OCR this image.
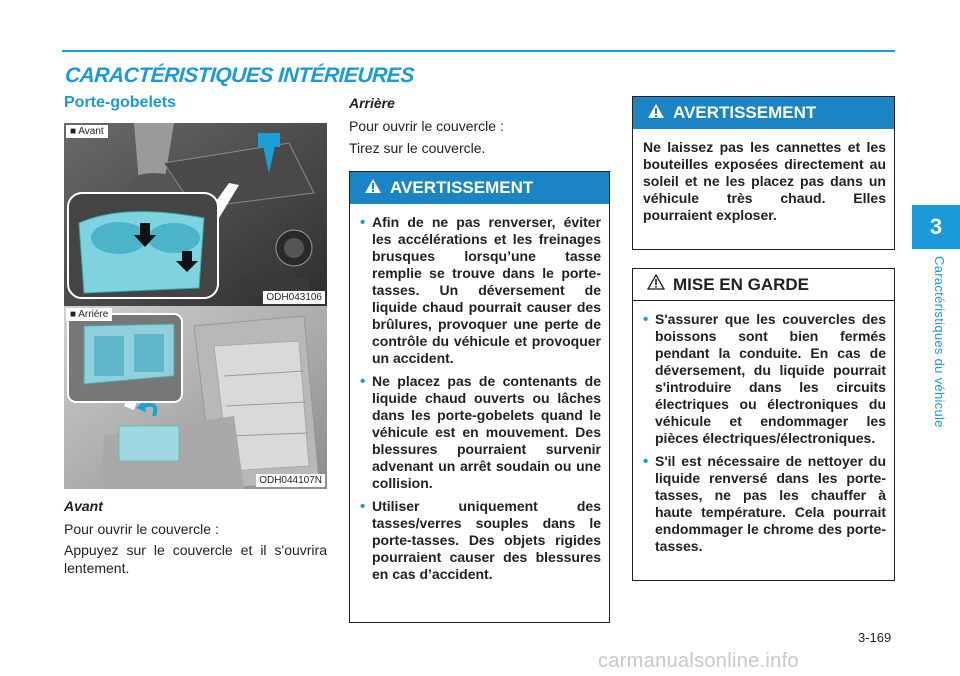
CARACTÉRISTIQUES INTÉRIEURES
Porte-gobelets
■ Avant
ODH043106
■ Arriére
ODH044107N
Avant
Pour ouvrir le couvercle :
Appuyez sur le couvercle et il s'ouvrira lentement.
Arrière
Pour ouvrir le couvercle :
Tirez sur le couvercle.
AVERTISSEMENT
• Afin de ne pas renverser, éviter les accélérations et les freinages brusques lorsqu’une tasse remplie se trouve dans le porte-tasses. Un déversement de liquide chaud pourrait causer des brûlures, provoquer une perte de contrôle du véhicule et provoquer un accident.
• Ne placez pas de contenants de liquide chaud ouverts ou lâches dans les porte-gobelets quand le véhicule est en mouvement. Des blessures pourraient survenir advenant un arrêt soudain ou une collision.
• Utiliser uniquement des tasses/verres souples dans le porte-tasses. Des objets rigides pourraient causer des blessures en cas d’accident.
AVERTISSEMENT

Ne laissez pas les cannettes et les bouteilles exposées directement au soleil et ne les placez pas dans un véhicule très chaud. Elles pourraient exploser.

MISE EN GARDE
• S'assurer que les couvercles des boissons sont bien fermés pendant la conduite. En cas de déversement, du liquide pourrait s'introduire dans les circuits électriques ou électroniques du véhicule et endommager les pièces électriques/électroniques.
• S'il est nécessaire de nettoyer du liquide renversé dans les porte-tasses, ne pas les chauffer à haute température. Cela pourrait endommager le chrome des porte-tasses.
3
Caractéristiques du véhicule
3-169
carmanualsonline.info
